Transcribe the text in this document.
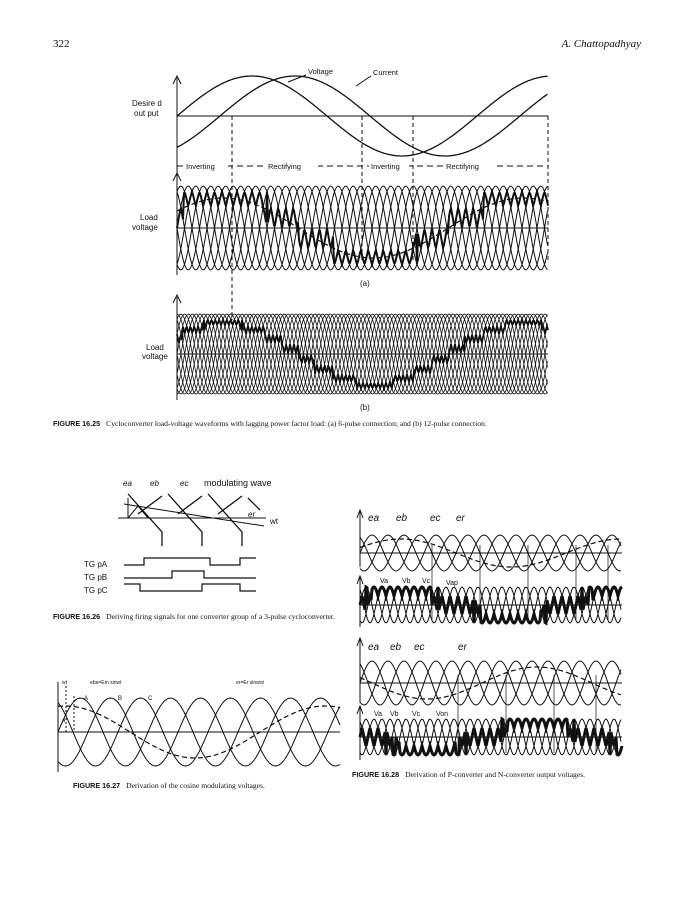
322	A. Chattopadhyay
Voltage	Current
Desire d
out put
Inverting	Rectifying	Inverting	Rectifying
Load
voltage
(a)
Load
voltage
(b)
FIGURE 16.25 Cycloconverter load-voltage waveforms with lagging power factor load: (a) 6-pulse connection; and (b) 12-pulse connection.
ea eb	ec modulating wave
er
wt
TG pA
TG pB
TG pC
FIGURE 16.26 Deriving firing signals for one converter group of a 3-pulse cycloconverter.
wt	eba=Em sinwt	er=Er sinwot
A	B	C
a
FIGURE 16.27 Derivation of the cosine modulating voltages.
ea eb ec er
Va Vb Vc Vap
ea eb ec	er
Va Vb Vc Von
FIGURE 16.28 Derivation of P-converter and N-converter output voltages.
